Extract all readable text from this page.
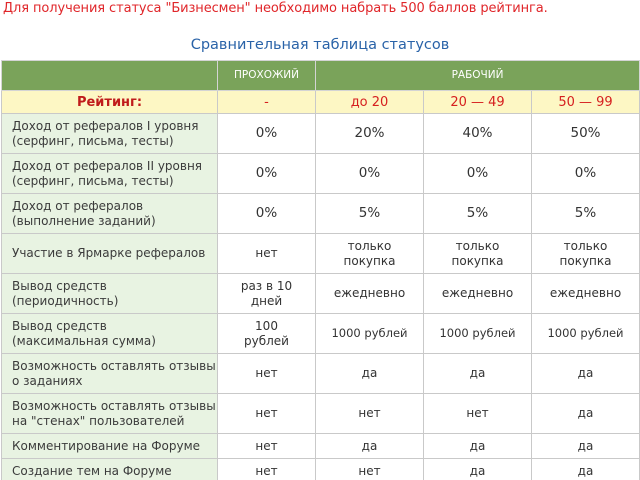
Для получения статуса "Бизнесмен" необходимо набрать 500 баллов рейтинга.
Сравнительная таблица статусов
	ПРОХОЖИЙ	РАБОЧИЙ		
Рейтинг:	-	до 20	20 — 49	50 — 99

Доход от рефералов I уровня
(серфинг, письма, тесты)	0%	20%	40%	50%

Доход от рефералов II уровня
(серфинг, письма, тесты)	0%	0%	0%	0%

Доход от рефералов
(выполнение заданий)	0%	5%	5%	5%

Участие в Ярмарке рефералов	нет	только покупка	только покупка	только покупка

Вывод средств
(периодичность)	раз в 10 дней	ежедневно	ежедневно	ежедневно

Вывод средств
(максимальная сумма)	100 рублей	1000 рублей	1000 рублей	1000 рублей

Возможность оставлять отзывы
о заданиях	нет	да	да	да

Возможность оставлять отзывы
на "стенах" пользователей	нет	нет	нет	да

Комментирование на Форуме	нет	да	да	да

Создание тем на Форуме	нет	нет	да	да
